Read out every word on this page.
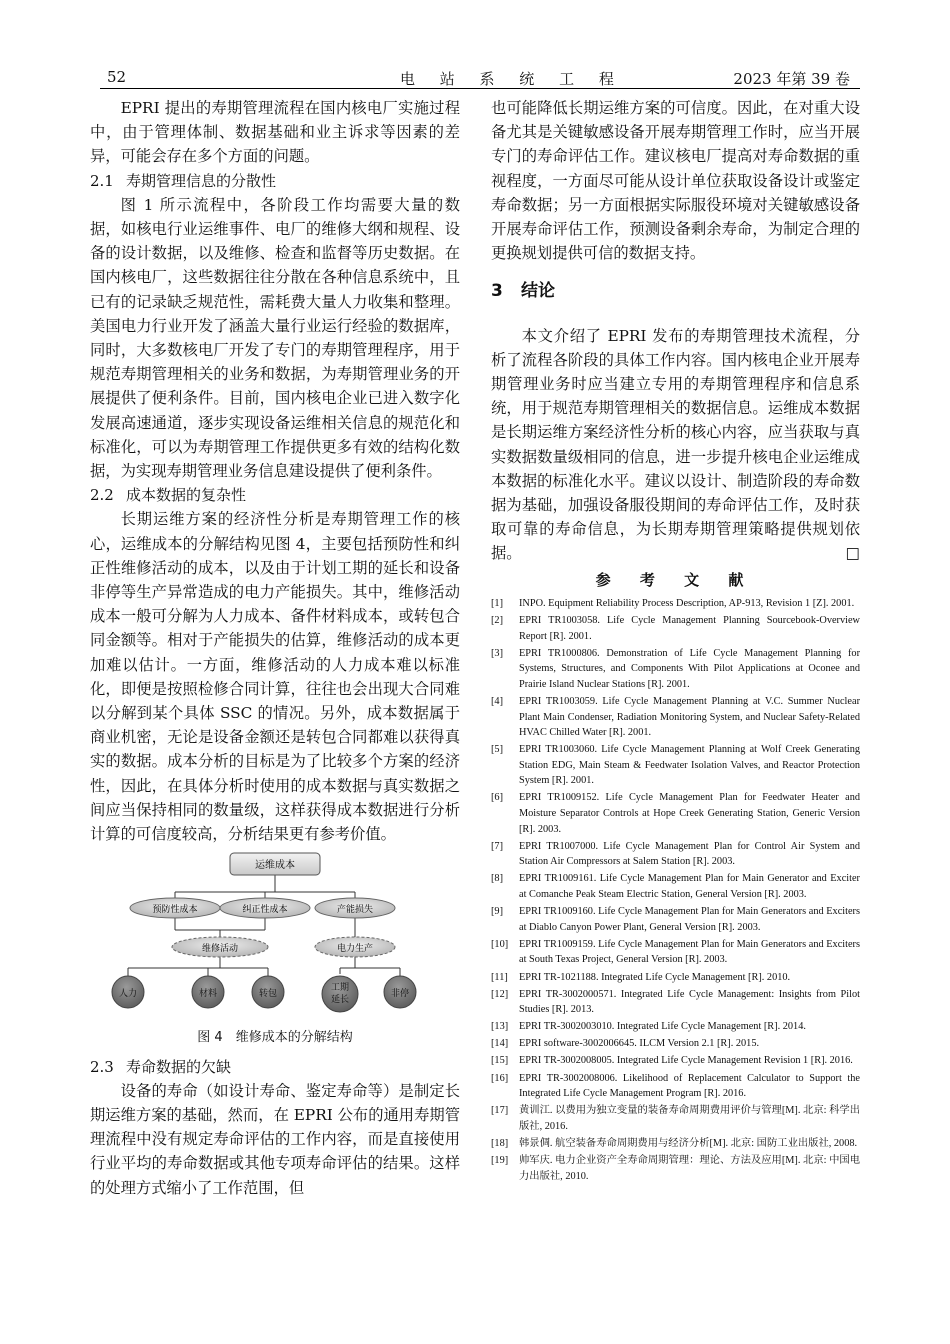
52	电 站 系 统 工 程	2023 年第 39 卷

EPRI 提出的寿期管理流程在国内核电厂实施过程中，由于管理体制、数据基础和业主诉求等因素的差异，可能会存在多个方面的问题。

2.1 寿期管理信息的分散性

图 1 所示流程中，各阶段工作均需要大量的数据，如核电行业运维事件、电厂的维修大纲和规程、设备的设计数据，以及维修、检查和监督等历史数据。在国内核电厂，这些数据往往分散在各种信息系统中，且已有的记录缺乏规范性，需耗费大量人力收集和整理。美国电力行业开发了涵盖大量行业运行经验的数据库，同时，大多数核电厂开发了专门的寿期管理程序，用于规范寿期管理相关的业务和数据，为寿期管理业务的开展提供了便利条件。目前，国内核电企业已进入数字化发展高速通道，逐步实现设备运维相关信息的规范化和标准化，可以为寿期管理工作提供更多有效的结构化数据，为实现寿期管理业务信息建设提供了便利条件。

2.2 成本数据的复杂性

长期运维方案的经济性分析是寿期管理工作的核心，运维成本的分解结构见图 4，主要包括预防性和纠正性维修活动的成本，以及由于计划工期的延长和设备非停等生产异常造成的电力产能损失。其中，维修活动成本一般可分解为人力成本、备件材料成本，或转包合同金额等。相对于产能损失的估算，维修活动的成本更加难以估计。一方面，维修活动的人力成本难以标准化，即便是按照检修合同计算，往往也会出现大合同难以分解到某个具体 SSC 的情况。另外，成本数据属于商业机密，无论是设备金额还是转包合同都难以获得真实的数据。成本分析的目标是为了比较多个方案的经济性，因此，在具体分析时使用的成本数据与真实数据之间应当保持相同的数量级，这样获得成本数据进行分析计算的可信度较高，分析结果更有参考价值。

运维成本
预防性成本	纠正性成本	产能损失
维修活动	电力生产
人力	材料	转包
工期
延长
非停
图 4　维修成本的分解结构
2.3 寿命数据的欠缺

设备的寿命（如设计寿命、鉴定寿命等）是制定长期运维方案的基础，然而，在 EPRI 公布的通用寿期管理流程中没有规定寿命评估的工作内容，而是直接使用行业平均的寿命数据或其他专项寿命评估的结果。这样的处理方式缩小了工作范围，但

也可能降低长期运维方案的可信度。因此，在对重大设备尤其是关键敏感设备开展寿期管理工作时，应当开展专门的寿命评估工作。建议核电厂提高对寿命数据的重视程度，一方面尽可能从设计单位获取设备设计或鉴定寿命数据；另一方面根据实际服役环境对关键敏感设备开展寿命评估工作，预测设备剩余寿命，为制定合理的更换规划提供可信的数据支持。

3 结论

本文介绍了 EPRI 发布的寿期管理技术流程，分析了流程各阶段的具体工作内容。国内核电企业开展寿期管理业务时应当建立专用的寿期管理程序和信息系统，用于规范寿期管理相关的数据信息。运维成本数据是长期运维方案经济性分析的核心内容，应当获取与真实数据数量级相同的信息，进一步提升核电企业运维成本数据的标准化水平。建议以设计、制造阶段的寿命数据为基础，加强设备服役期间的寿命评估工作，及时获取可靠的寿命信息，为长期寿期管理策略提供规划依据。	□

参 考 文 献
[1]	INPO. Equipment Reliability Process Description, AP-913, Revision 1 [Z]. 2001.
[2]	EPRI TR1003058. Life Cycle Management Planning Sourcebook-Overview Report [R]. 2001.
[3]	EPRI TR1000806. Demonstration of Life Cycle Management Planning for Systems, Structures, and Components With Pilot Applications at Oconee and Prairie Island Nuclear Stations [R]. 2001.
[4]	EPRI TR1003059. Life Cycle Management Planning at V.C. Summer Nuclear Plant Main Condenser, Radiation Monitoring System, and Nuclear Safety-Related HVAC Chilled Water [R]. 2001.
[5]	EPRI TR1003060. Life Cycle Management Planning at Wolf Creek Generating Station EDG, Main Steam & Feedwater Isolation Valves, and Reactor Protection System [R]. 2001.
[6]	EPRI TR1009152. Life Cycle Management Plan for Feedwater Heater and Moisture Separator Controls at Hope Creek Generating Station, Generic Version [R]. 2003.
[7]	EPRI TR1007000. Life Cycle Management Plan for Control Air System and Station Air Compressors at Salem Station [R]. 2003.
[8]	EPRI TR1009161. Life Cycle Management Plan for Main Generator and Exciter at Comanche Peak Steam Electric Station, General Version [R]. 2003.
[9]	EPRI TR1009160. Life Cycle Management Plan for Main Generators and Exciters at Diablo Canyon Power Plant, General Version [R]. 2003.
[10]	EPRI TR1009159. Life Cycle Management Plan for Main Generators and Exciters at South Texas Project, General Version [R]. 2003.
[11]	EPRI TR-1021188. Integrated Life Cycle Management [R]. 2010.
[12]	EPRI TR-3002000571. Integrated Life Cycle Management: Insights from Pilot Studies [R]. 2013.
[13]	EPRI TR-3002003010. Integrated Life Cycle Management [R]. 2014.
[14]	EPRI software-3002006645. ILCM Version 2.1 [R]. 2015.
[15]	EPRI TR-3002008005. Integrated Life Cycle Management Revision 1 [R]. 2016.
[16]	EPRI TR-3002008006. Likelihood of Replacement Calculator to Support the Integrated Life Cycle Management Program [R]. 2016.
[17]	黄训江. 以费用为独立变量的装备寿命周期费用评价与管理[M]. 北京: 科学出版社, 2016.
[18]	韩景倜. 航空装备寿命周期费用与经济分析[M]. 北京: 国防工业出版社, 2008.
[19]	帅军庆. 电力企业资产全寿命周期管理：理论、方法及应用[M]. 北京: 中国电力出版社, 2010.
